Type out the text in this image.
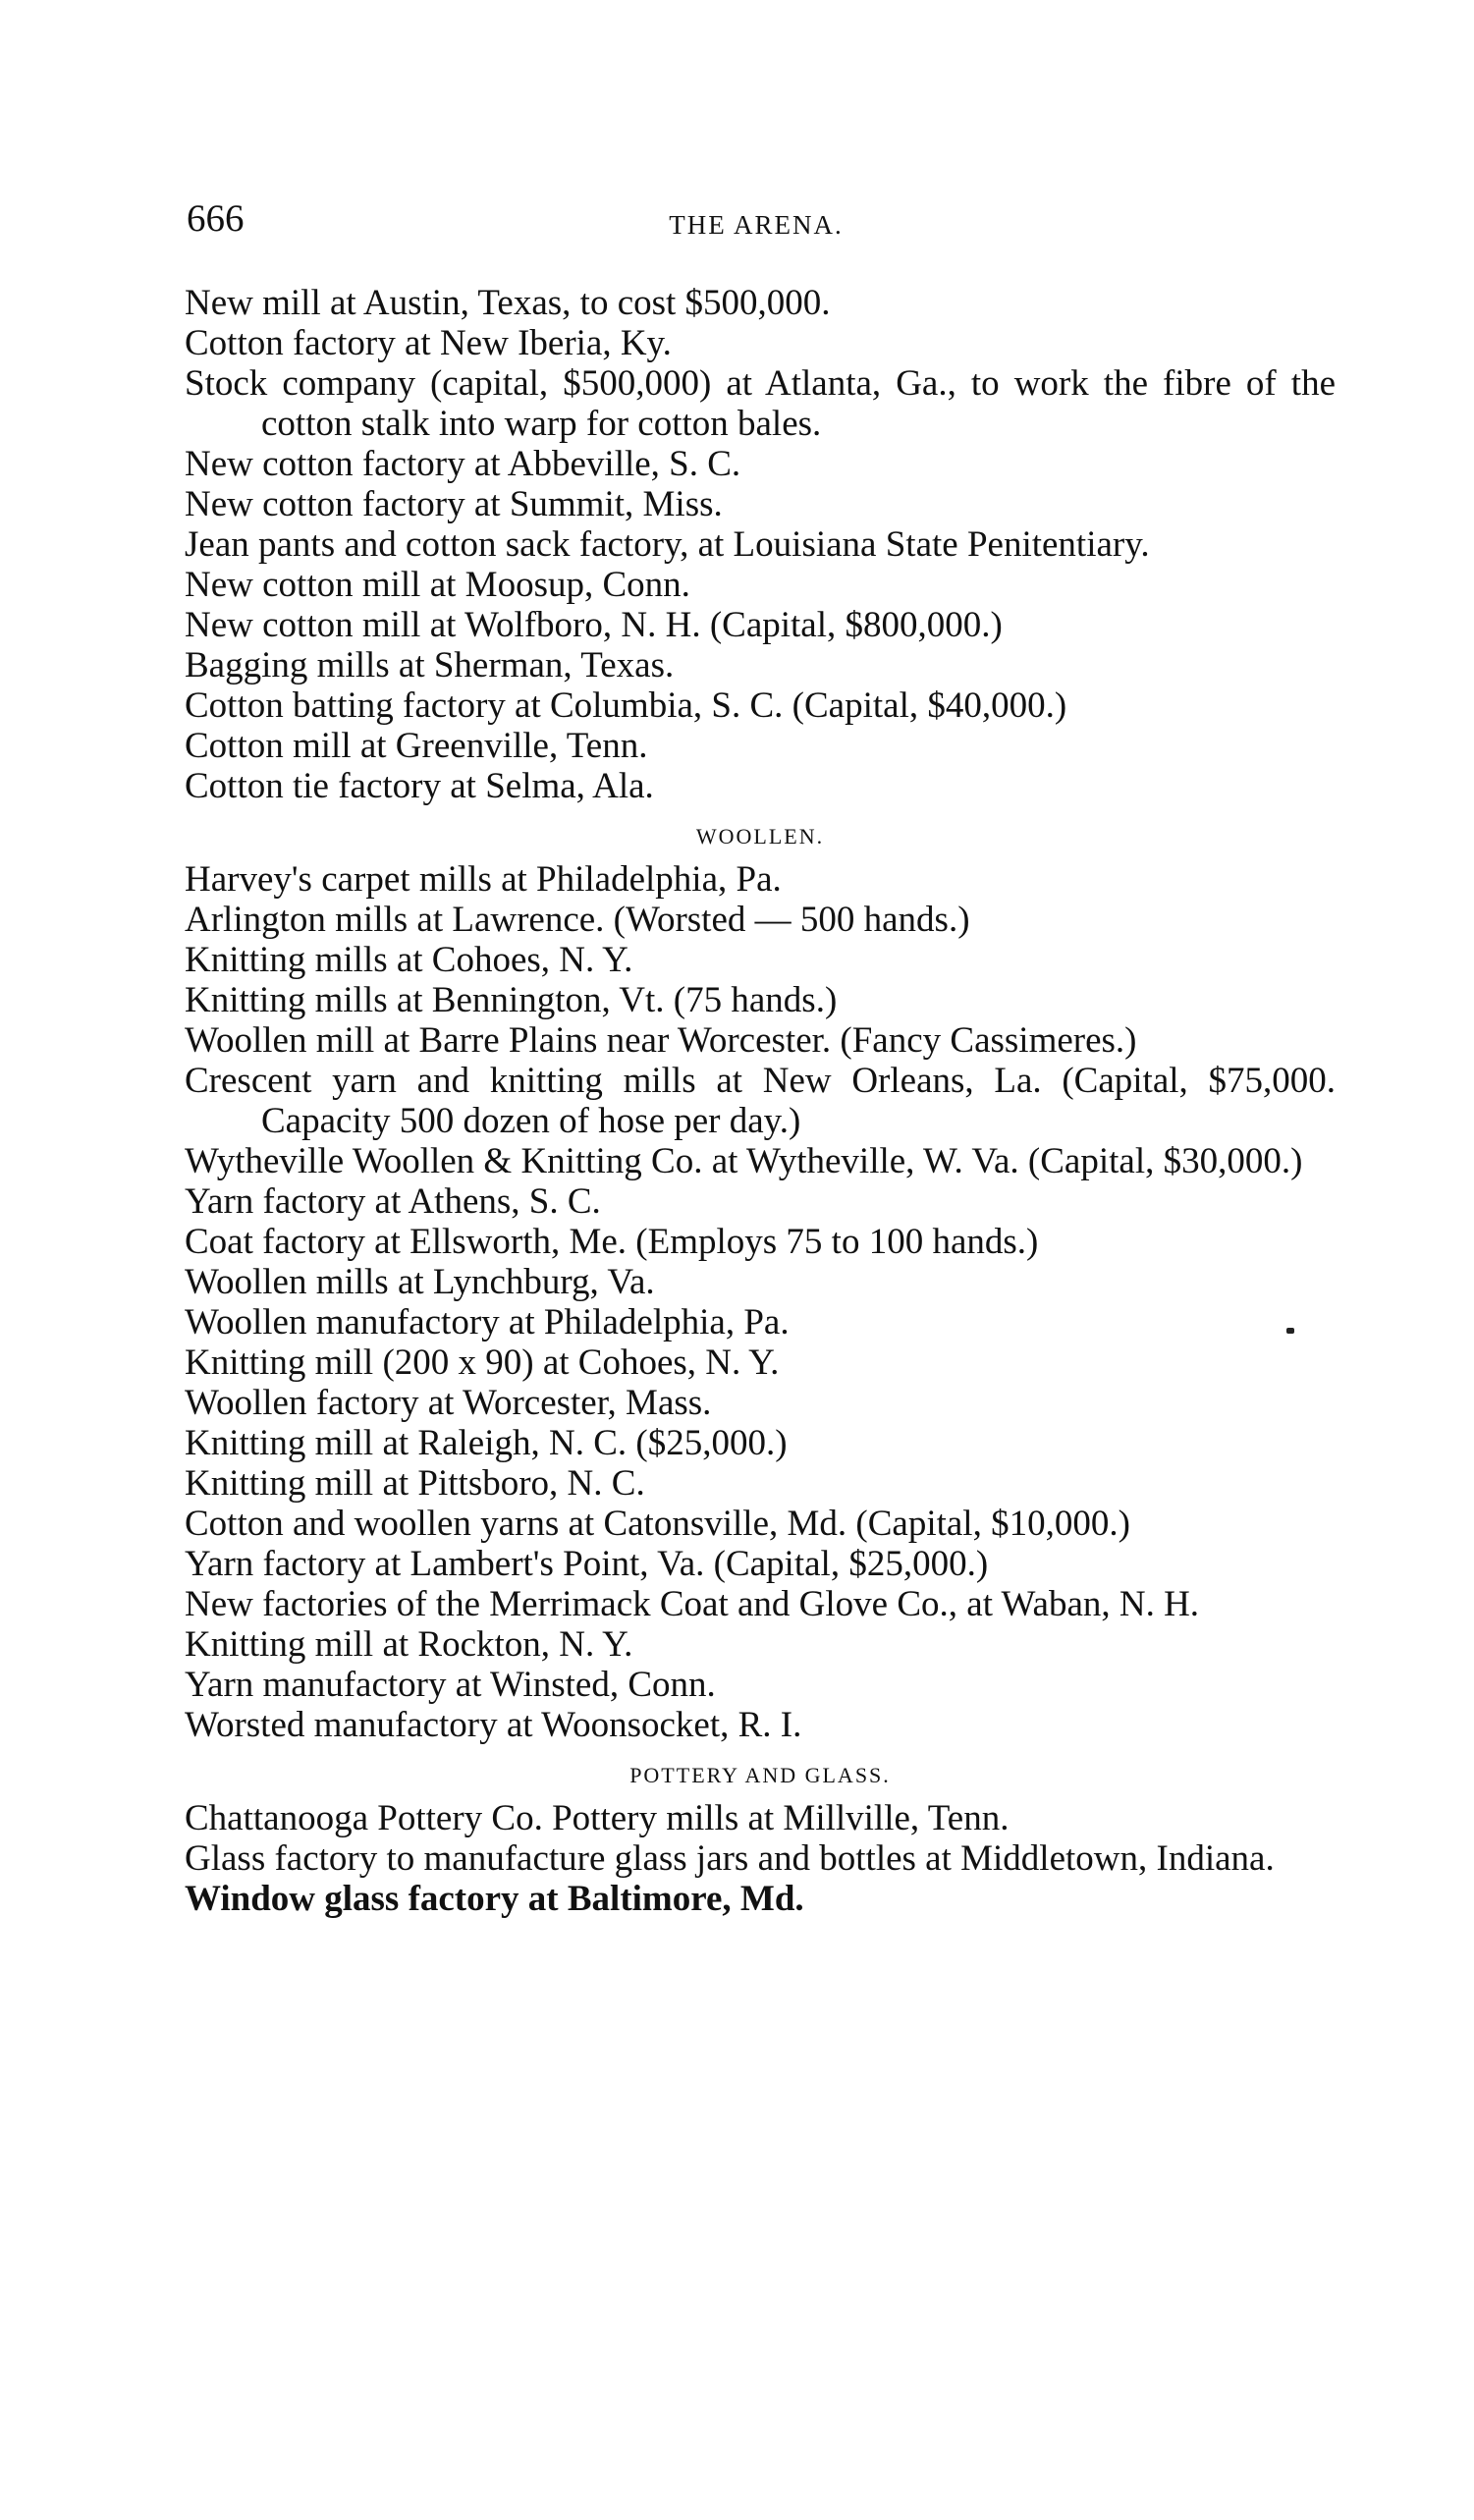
666	THE ARENA.
New mill at Austin, Texas, to cost $500,000.
Cotton factory at New Iberia, Ky.
Stock company (capital, $500,000) at Atlanta, Ga., to work the fibre of the cotton stalk into warp for cotton bales.
New cotton factory at Abbeville, S. C.
New cotton factory at Summit, Miss.
Jean pants and cotton sack factory, at Louisiana State Penitentiary.
New cotton mill at Moosup, Conn.
New cotton mill at Wolfboro, N. H. (Capital, $800,000.)
Bagging mills at Sherman, Texas.
Cotton batting factory at Columbia, S. C. (Capital, $40,000.)
Cotton mill at Greenville, Tenn.
Cotton tie factory at Selma, Ala.
WOOLLEN.
Harvey's carpet mills at Philadelphia, Pa.
Arlington mills at Lawrence. (Worsted — 500 hands.)
Knitting mills at Cohoes, N. Y.
Knitting mills at Bennington, Vt. (75 hands.)
Woollen mill at Barre Plains near Worcester. (Fancy Cassimeres.)
Crescent yarn and knitting mills at New Orleans, La. (Capital, $75,000. Capacity 500 dozen of hose per day.)
Wytheville Woollen & Knitting Co. at Wytheville, W. Va. (Capital, $30,000.)
Yarn factory at Athens, S. C.
Coat factory at Ellsworth, Me. (Employs 75 to 100 hands.)
Woollen mills at Lynchburg, Va.
Woollen manufactory at Philadelphia, Pa.
Knitting mill (200 x 90) at Cohoes, N. Y.
Woollen factory at Worcester, Mass.
Knitting mill at Raleigh, N. C. ($25,000.)
Knitting mill at Pittsboro, N. C.
Cotton and woollen yarns at Catonsville, Md. (Capital, $10,000.)
Yarn factory at Lambert's Point, Va. (Capital, $25,000.)
New factories of the Merrimack Coat and Glove Co., at Waban, N. H.
Knitting mill at Rockton, N. Y.
Yarn manufactory at Winsted, Conn.
Worsted manufactory at Woonsocket, R. I.
POTTERY AND GLASS.
Chattanooga Pottery Co. Pottery mills at Millville, Tenn.
Glass factory to manufacture glass jars and bottles at Middletown, Indiana.
Window glass factory at Baltimore, Md.
